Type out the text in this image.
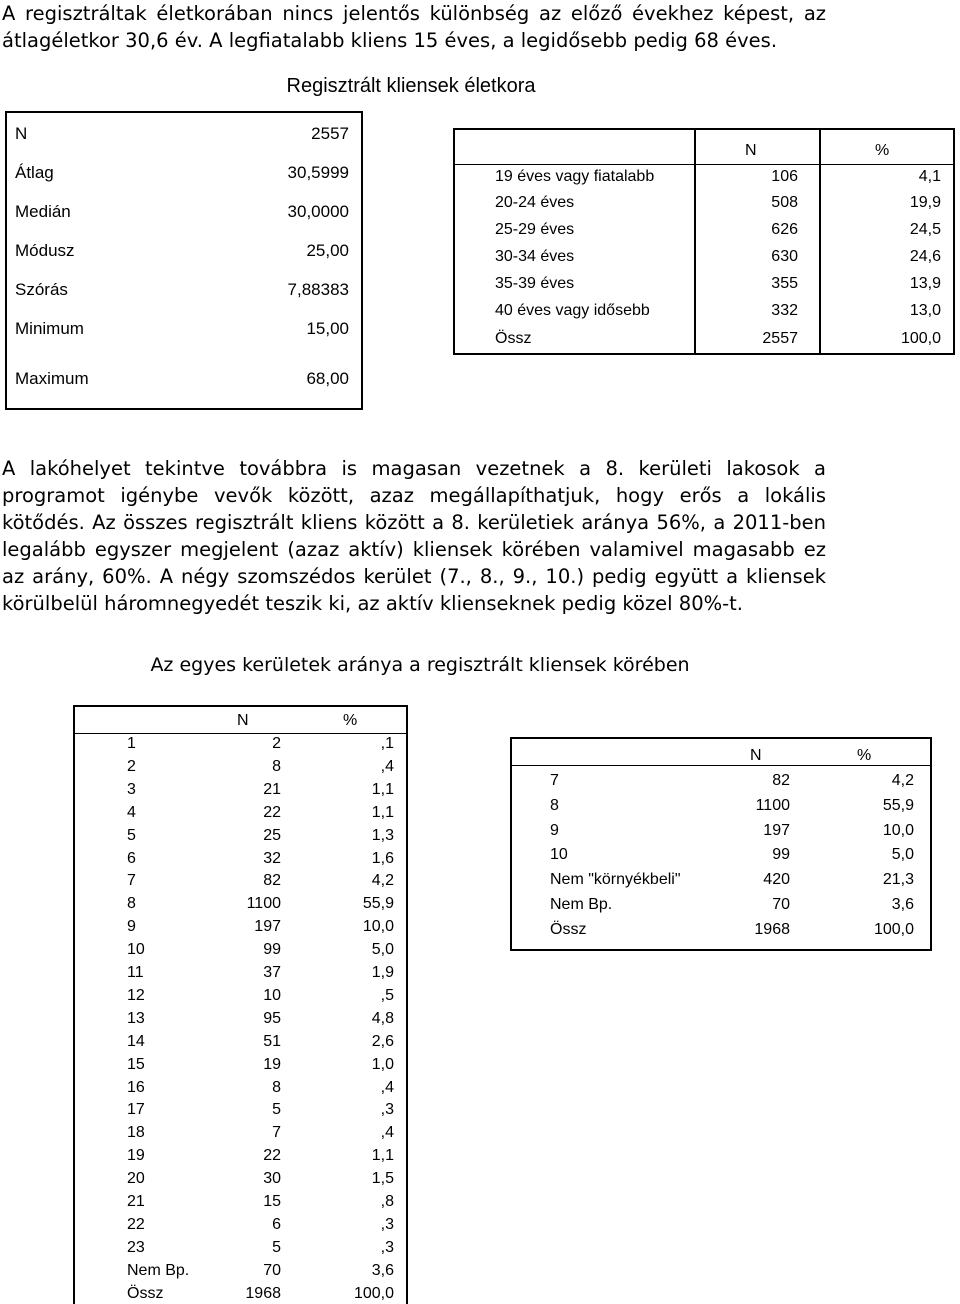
A regisztráltak életkorában nincs jelentős különbség az előző évekhez képest, az átlagéletkor 30,6 év. A legfiatalabb kliens 15 éves, a legidősebb pedig 68 éves.
Regisztrált kliensek életkora
N	2557
Átlag	30,5999
Medián	30,0000
Módusz	25,00
Szórás	7,88383
Minimum	15,00
Maximum	68,00
N	%
19 éves vagy fiatalabb	106	4,1
20-24 éves	508	19,9
25-29 éves	626	24,5
30-34 éves	630	24,6
35-39 éves	355	13,9
40 éves vagy idősebb	332	13,0
Össz	2557	100,0
A lakóhelyet tekintve továbbra is magasan vezetnek a 8. kerületi lakosok a programot igénybe vevők között, azaz megállapíthatjuk, hogy erős a lokális kötődés. Az összes regisztrált kliens között a 8. kerületiek aránya 56%, a 2011-ben legalább egyszer megjelent (azaz aktív) kliensek körében valamivel magasabb ez az arány, 60%. A négy szomszédos kerület (7., 8., 9., 10.) pedig együtt a kliensek körülbelül háromnegyedét teszik ki, az aktív klienseknek pedig közel 80%-t.
Az egyes kerületek aránya a regisztrált kliensek körében
N	%
1	2	,1
2	8	,4
3	21	1,1
4	22	1,1
5	25	1,3
6	32	1,6
7	82	4,2
8	1100	55,9
9	197	10,0
10	99	5,0
11	37	1,9
12	10	,5
13	95	4,8
14	51	2,6
15	19	1,0
16	8	,4
17	5	,3
18	7	,4
19	22	1,1
20	30	1,5
21	15	,8
22	6	,3
23	5	,3
Nem Bp.	70	3,6
Össz	1968	100,0
N	%
7	82	4,2
8	1100	55,9
9	197	10,0
10	99	5,0
Nem "környékbeli"	420	21,3
Nem Bp.	70	3,6
Össz	1968	100,0
